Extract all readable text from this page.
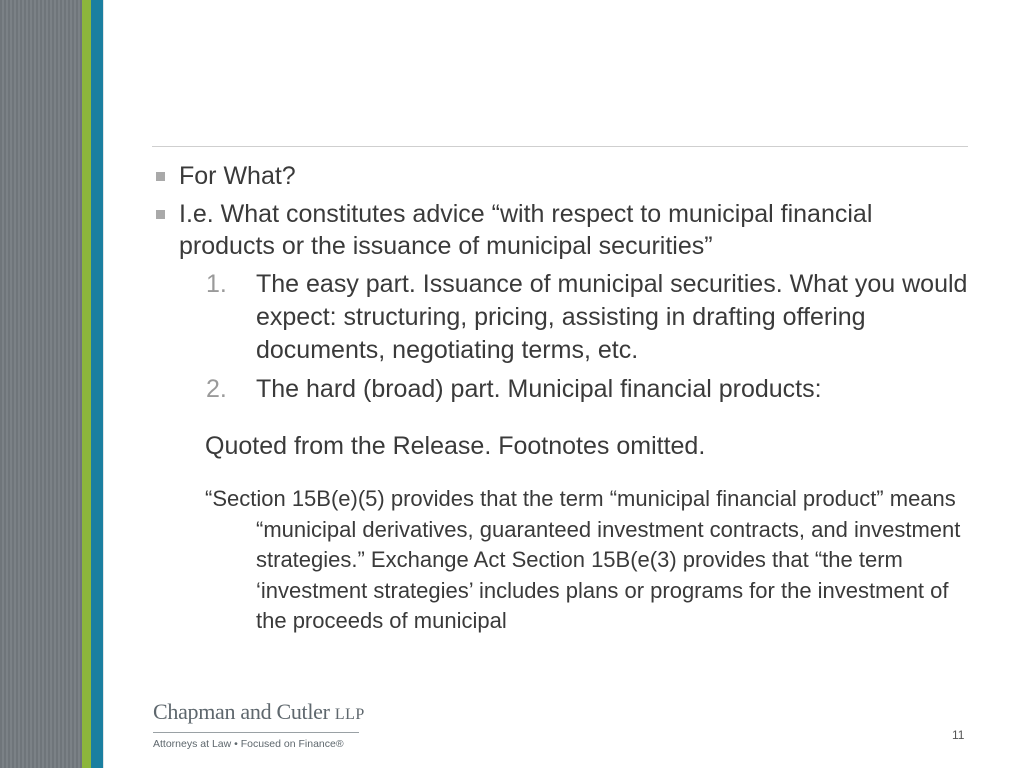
For What?
I.e. What constitutes advice “with respect to municipal financial products or the issuance of municipal securities”
1. The easy part. Issuance of municipal securities. What you would expect: structuring, pricing, assisting in drafting offering documents, negotiating terms, etc.
2. The hard (broad) part. Municipal financial products:
Quoted from the Release. Footnotes omitted.
“Section 15B(e)(5) provides that the term “municipal financial product” means “municipal derivatives, guaranteed investment contracts, and investment strategies.” Exchange Act Section 15B(e(3) provides that “the term ‘investment strategies’ includes plans or programs for the investment of the proceeds of municipal
Chapman and Cutler LLP
Attorneys at Law • Focused on Finance®
11
